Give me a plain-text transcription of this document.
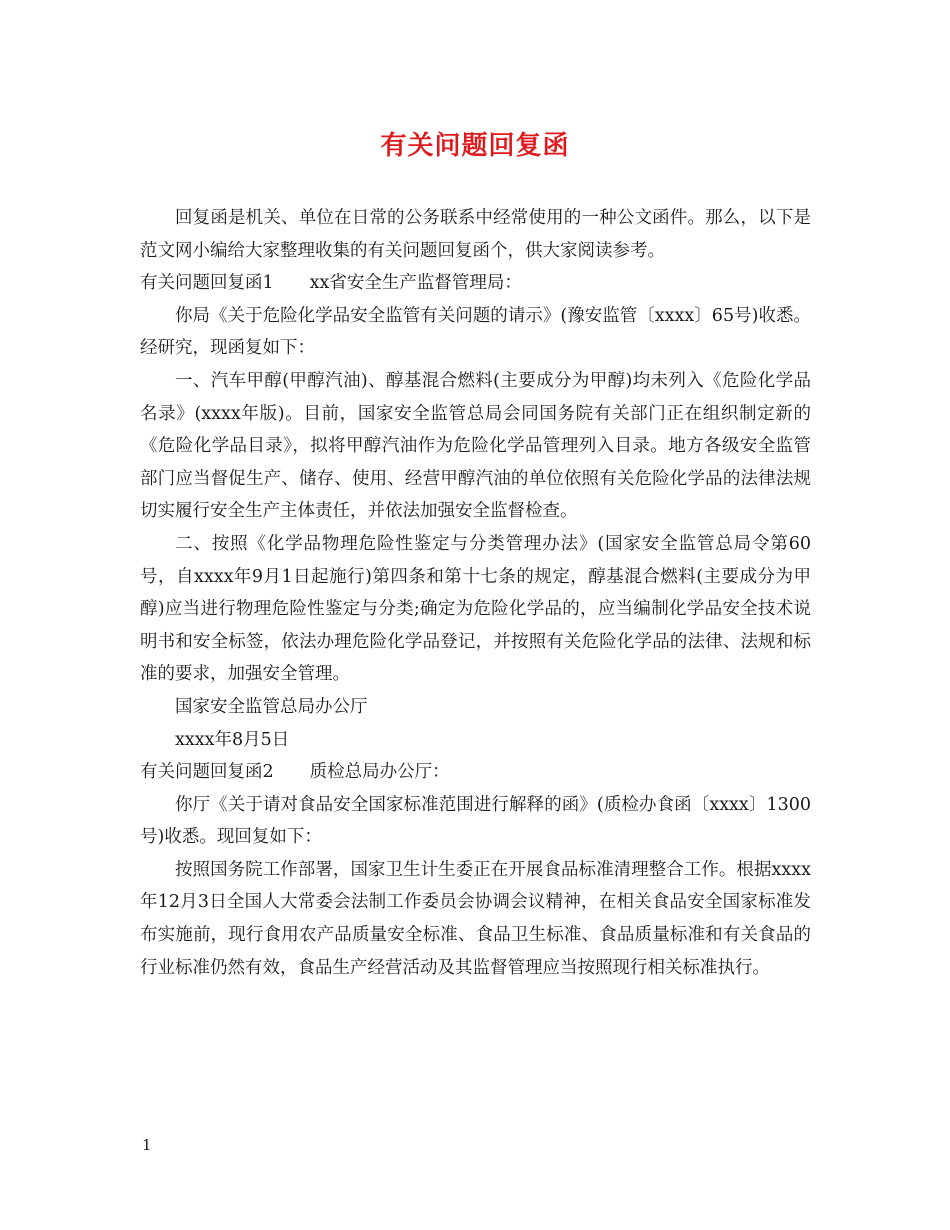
有关问题回复函

回复函是机关、单位在日常的公务联系中经常使用的一种公文函件。那么，以下是范文网小编给大家整理收集的有关问题回复函个，供大家阅读参考。

有关问题回复函1 xx省安全生产监督管理局：

你局《关于危险化学品安全监管有关问题的请示》(豫安监管〔xxxx〕65号)收悉。经研究，现函复如下：

一、汽车甲醇(甲醇汽油)、醇基混合燃料(主要成分为甲醇)均未列入《危险化学品名录》(xxxx年版)。目前，国家安全监管总局会同国务院有关部门正在组织制定新的《危险化学品目录》，拟将甲醇汽油作为危险化学品管理列入目录。地方各级安全监管部门应当督促生产、储存、使用、经营甲醇汽油的单位依照有关危险化学品的法律法规切实履行安全生产主体责任，并依法加强安全监督检查。

二、按照《化学品物理危险性鉴定与分类管理办法》(国家安全监管总局令第60号，自xxxx年9月1日起施行)第四条和第十七条的规定，醇基混合燃料(主要成分为甲醇)应当进行物理危险性鉴定与分类;确定为危险化学品的，应当编制化学品安全技术说明书和安全标签，依法办理危险化学品登记，并按照有关危险化学品的法律、法规和标准的要求，加强安全管理。

国家安全监管总局办公厅

xxxx年8月5日

有关问题回复函2 质检总局办公厅：

你厅《关于请对食品安全国家标准范围进行解释的函》(质检办食函〔xxxx〕1300号)收悉。现回复如下：

按照国务院工作部署，国家卫生计生委正在开展食品标准清理整合工作。根据xxxx年12月3日全国人大常委会法制工作委员会协调会议精神，在相关食品安全国家标准发布实施前，现行食用农产品质量安全标准、食品卫生标准、食品质量标准和有关食品的行业标准仍然有效，食品生产经营活动及其监督管理应当按照现行相关标准执行。

1
